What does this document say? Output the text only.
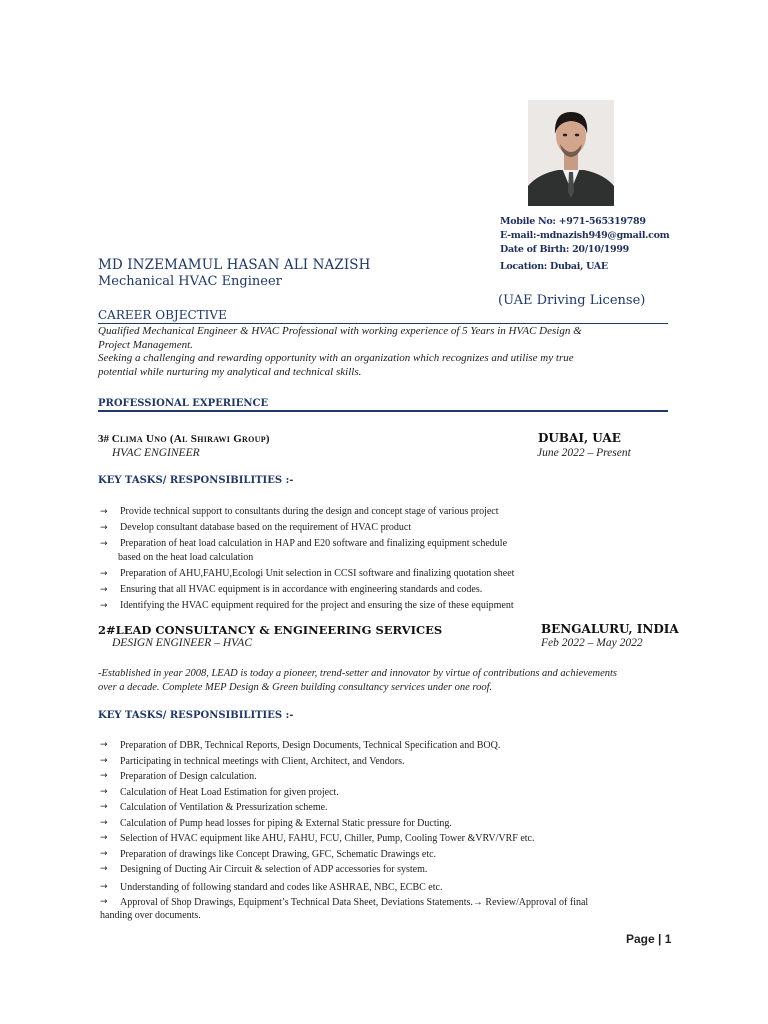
Mobile No: +971-565319789
E-mail:-mdnazish949@gmail.com
Date of Birth: 20/10/1999
Location: Dubai, UAE
MD INZEMAMUL HASAN ALI NAZISH
Mechanical HVAC Engineer
(UAE Driving License)
CAREER OBJECTIVE
Qualified Mechanical Engineer & HVAC Professional with working experience of 5 Years in HVAC Design &
Project Management.
Seeking a challenging and rewarding opportunity with an organization which recognizes and utilise my true
potential while nurturing my analytical and technical skills.
PROFESSIONAL EXPERIENCE
3# Clima Uno (Al Shirawi Group)	DUBAI, UAE
HVAC ENGINEER	June 2022 – Present
KEY TASKS/ RESPONSIBILITIES :-
→ Provide technical support to consultants during the design and concept stage of various project
→ Develop consultant database based on the requirement of HVAC product
→ Preparation of heat load calculation in HAP and E20 software and finalizing equipment schedule
based on the heat load calculation
→ Preparation of AHU,FAHU,Ecologi Unit selection in CCSI software and finalizing quotation sheet
→ Ensuring that all HVAC equipment is in accordance with engineering standards and codes.
→ Identifying the HVAC equipment required for the project and ensuring the size of these equipment
2#LEAD CONSULTANCY & ENGINEERING SERVICES	BENGALURU, INDIA
DESIGN ENGINEER – HVAC	Feb 2022 – May 2022
-Established in year 2008, LEAD is today a pioneer, trend-setter and innovator by virtue of contributions and achievements
over a decade. Complete MEP Design & Green building consultancy services under one roof.
KEY TASKS/ RESPONSIBILITIES :-
→ Preparation of DBR, Technical Reports, Design Documents, Technical Specification and BOQ.
→ Participating in technical meetings with Client, Architect, and Vendors.
→ Preparation of Design calculation.
→ Calculation of Heat Load Estimation for given project.
→ Calculation of Ventilation & Pressurization scheme.
→ Calculation of Pump head losses for piping & External Static pressure for Ducting.
→ Selection of HVAC equipment like AHU, FAHU, FCU, Chiller, Pump, Cooling Tower &VRV/VRF etc.
→ Preparation of drawings like Concept Drawing, GFC, Schematic Drawings etc.
→ Designing of Ducting Air Circuit & selection of ADP accessories for system.
→ Understanding of following standard and codes like ASHRAE, NBC, ECBC etc.
→ Approval of Shop Drawings, Equipment’s Technical Data Sheet, Deviations Statements.→ Review/Approval of final
handing over documents.
Page | 1
